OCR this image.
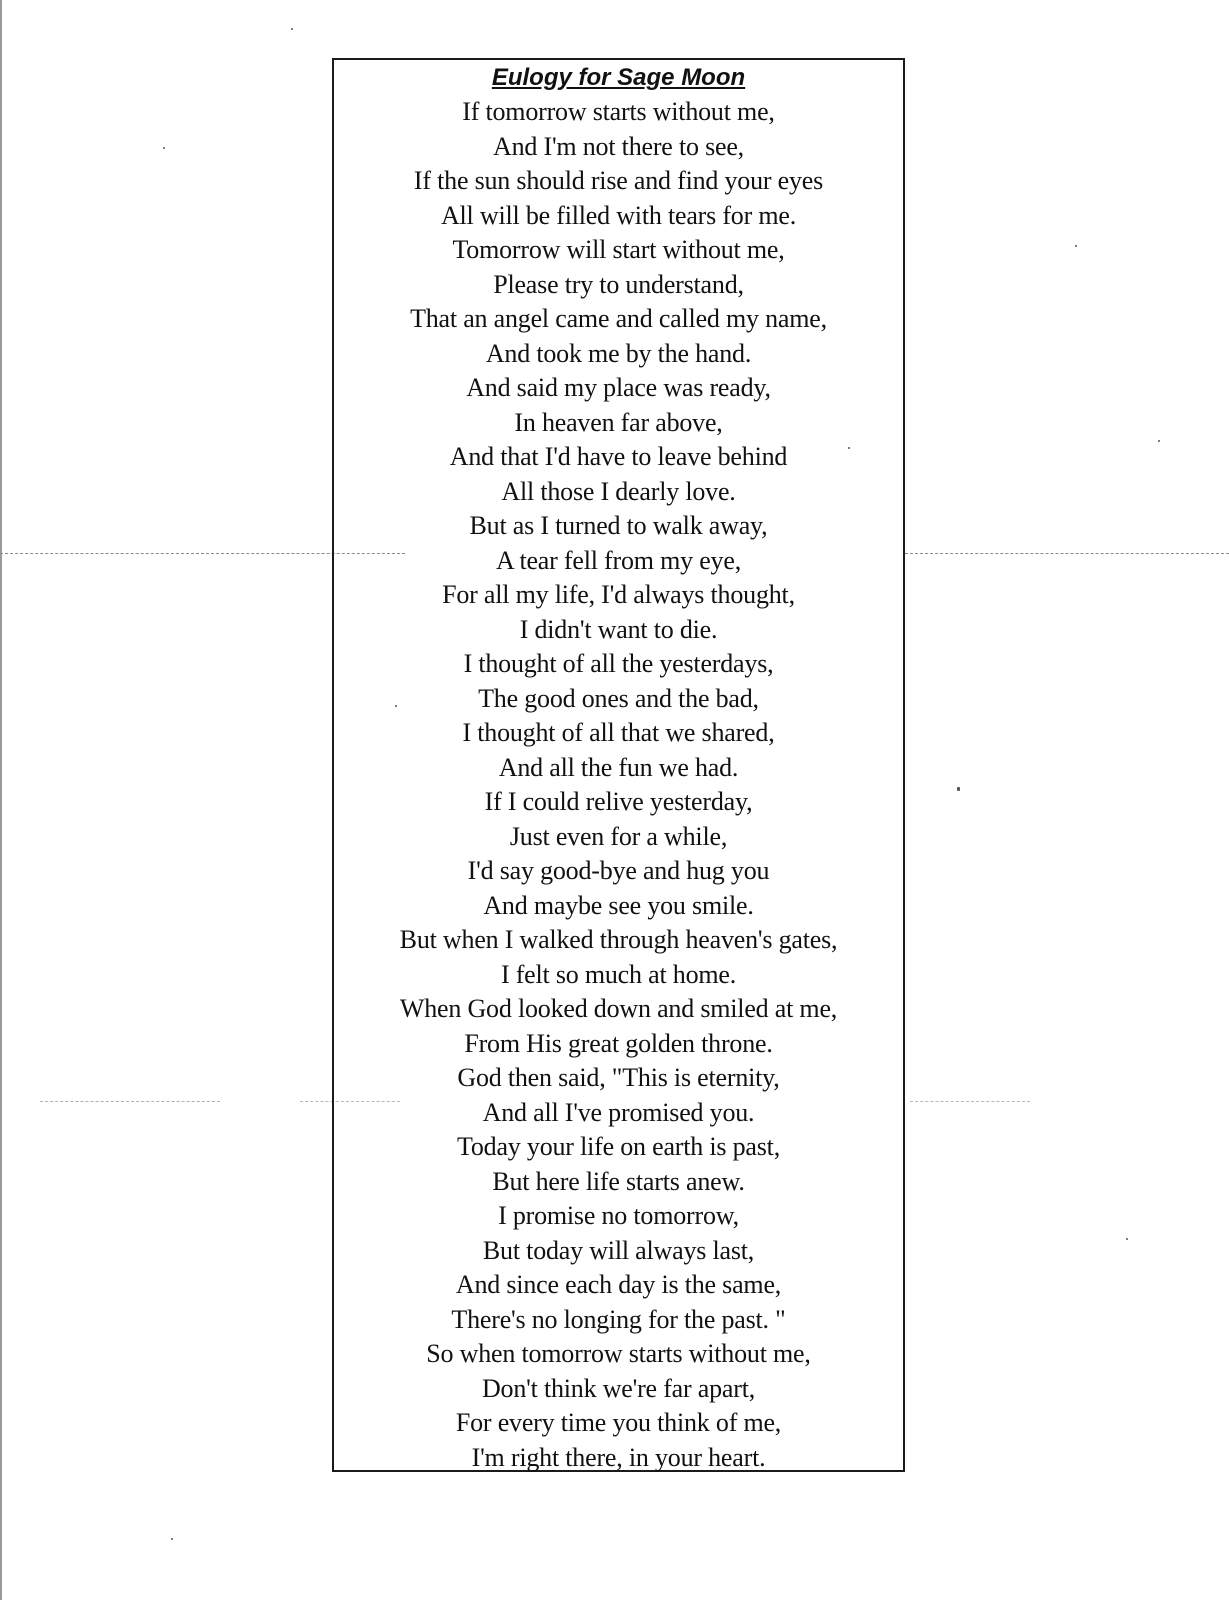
Eulogy for Sage Moon
If tomorrow starts without me,
And I'm not there to see,
If the sun should rise and find your eyes
All will be filled with tears for me.
Tomorrow will start without me,
Please try to understand,
That an angel came and called my name,
And took me by the hand.
And said my place was ready,
In heaven far above,
And that I'd have to leave behind
All those I dearly love.
But as I turned to walk away,
A tear fell from my eye,
For all my life, I'd always thought,
I didn't want to die.
I thought of all the yesterdays,
The good ones and the bad,
I thought of all that we shared,
And all the fun we had.
If I could relive yesterday,
Just even for a while,
I'd say good-bye and hug you
And maybe see you smile.
But when I walked through heaven's gates,
I felt so much at home.
When God looked down and smiled at me,
From His great golden throne.
God then said, "This is eternity,
And all I've promised you.
Today your life on earth is past,
But here life starts anew.
I promise no tomorrow,
But today will always last,
And since each day is the same,
There's no longing for the past. "
So when tomorrow starts without me,
Don't think we're far apart,
For every time you think of me,
I'm right there, in your heart.
